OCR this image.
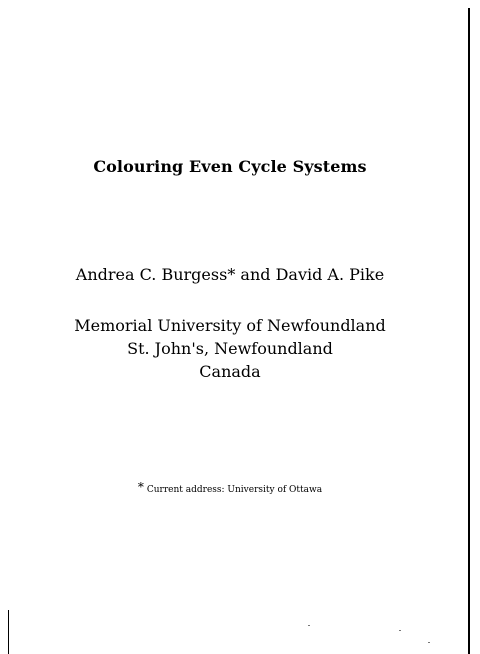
Colouring Even Cycle Systems
Andrea C. Burgess* and David A. Pike
Memorial University of Newfoundland
St. John's, Newfoundland
Canada
* Current address: University of Ottawa
